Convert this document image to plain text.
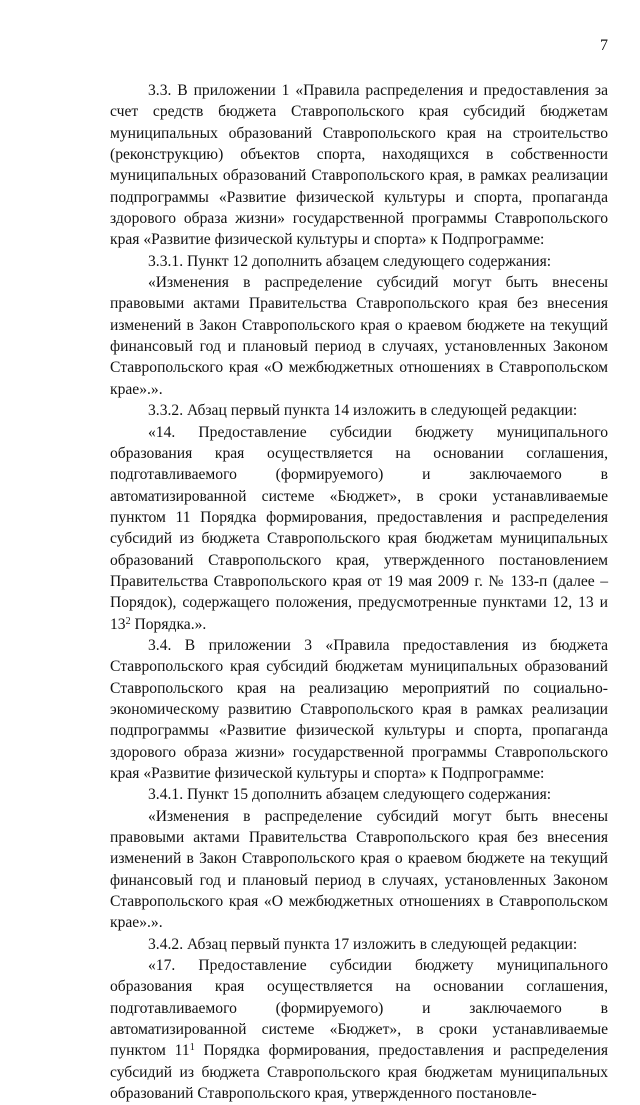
7

3.3. В приложении 1 «Правила распределения и предоставления за счет средств бюджета Ставропольского края субсидий бюджетам муниципальных образований Ставропольского края на строительство (реконструкцию) объектов спорта, находящихся в собственности муниципальных образований Ставропольского края, в рамках реализации подпрограммы «Развитие физической культуры и спорта, пропаганда здорового образа жизни» государственной программы Ставропольского края «Развитие физической культуры и спорта» к Подпрограмме:

3.3.1. Пункт 12 дополнить абзацем следующего содержания:

«Изменения в распределение субсидий могут быть внесены правовыми актами Правительства Ставропольского края без внесения изменений в Закон Ставропольского края о краевом бюджете на текущий финансовый год и плановый период в случаях, установленных Законом Ставропольского края «О межбюджетных отношениях в Ставропольском крае».».

3.3.2. Абзац первый пункта 14 изложить в следующей редакции:

«14. Предоставление субсидии бюджету муниципального образования края осуществляется на основании соглашения, подготавливаемого (формируемого) и заключаемого в автоматизированной системе «Бюджет», в сроки устанавливаемые пунктом 11 Порядка формирования, предоставления и распределения субсидий из бюджета Ставропольского края бюджетам муниципальных образований Ставропольского края, утвержденного постановлением Правительства Ставропольского края от 19 мая 2009 г. № 133-п (далее – Порядок), содержащего положения, предусмотренные пунктами 12, 13 и $13^2$ Порядка.».

3.4. В приложении 3 «Правила предоставления из бюджета Ставропольского края субсидий бюджетам муниципальных образований Ставропольского края на реализацию мероприятий по социально-экономическому развитию Ставропольского края в рамках реализации подпрограммы «Развитие физической культуры и спорта, пропаганда здорового образа жизни» государственной программы Ставропольского края «Развитие физической культуры и спорта» к Подпрограмме:

3.4.1. Пункт 15 дополнить абзацем следующего содержания:

«Изменения в распределение субсидий могут быть внесены правовыми актами Правительства Ставропольского края без внесения изменений в Закон Ставропольского края о краевом бюджете на текущий финансовый год и плановый период в случаях, установленных Законом Ставропольского края «О межбюджетных отношениях в Ставропольском крае».».

3.4.2. Абзац первый пункта 17 изложить в следующей редакции:

«17. Предоставление субсидии бюджету муниципального образования края осуществляется на основании соглашения, подготавливаемого (формируемого) и заключаемого в автоматизированной системе «Бюджет», в сроки устанавливаемые пунктом $11^1$ Порядка формирования, предоставления и распределения субсидий из бюджета Ставропольского края бюджетам муниципальных образований Ставропольского края, утвержденного постановле-
